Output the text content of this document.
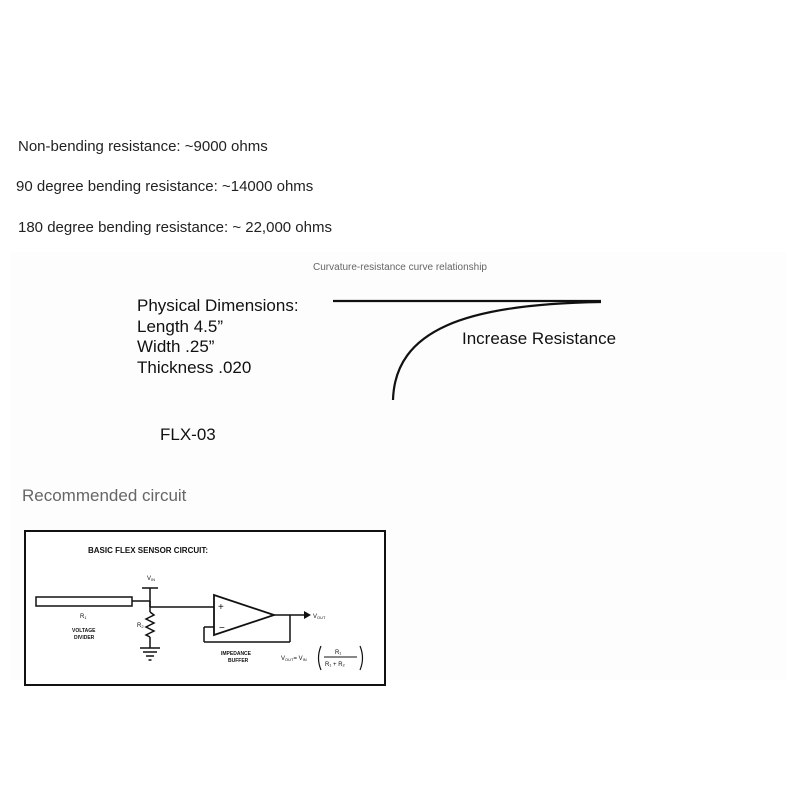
Non-bending resistance: ~9000 ohms
90 degree bending resistance: ~14000 ohms
180 degree bending resistance: ~ 22,000 ohms
Curvature-resistance curve relationship
Physical Dimensions:
Length 4.5”
Width .25”
Thickness .020
Increase Resistance
FLX-03
Recommended circuit
BASIC FLEX SENSOR CIRCUIT:
R1
VOLTAGE
DIVIDER
VIN
R2
+
−
VOUT
IMPEDANCE
BUFFER	VOUT= VIN
R₁
R₁ + R₂
